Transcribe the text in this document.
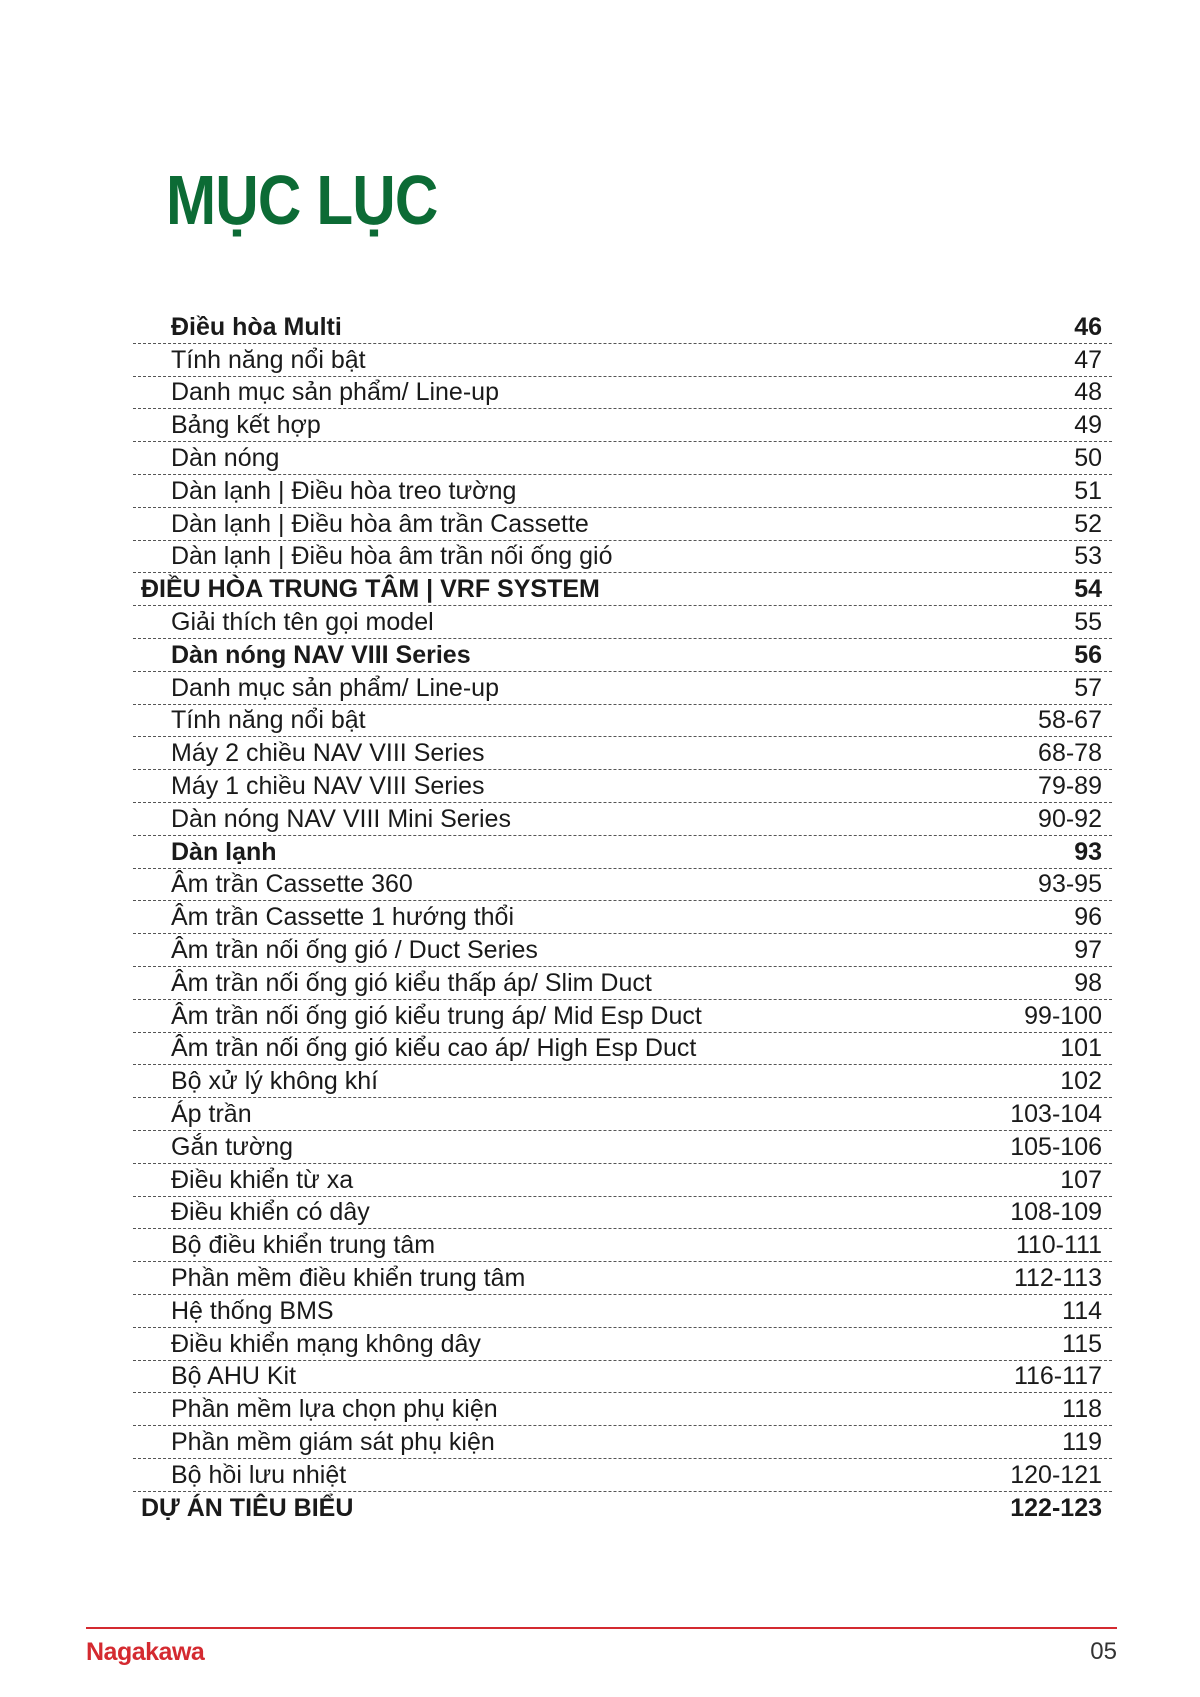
MỤC LỤC
Điều hòa Multi	46
Tính năng nổi bật	47
Danh mục sản phẩm/ Line-up	48
Bảng kết hợp	49
Dàn nóng	50
Dàn lạnh | Điều hòa treo tường	51
Dàn lạnh | Điều hòa âm trần Cassette	52
Dàn lạnh | Điều hòa âm trần nối ống gió	53
ĐIỀU HÒA TRUNG TÂM | VRF SYSTEM	54
Giải thích tên gọi model	55
Dàn nóng NAV VIII Series	56
Danh mục sản phẩm/ Line-up	57
Tính năng nổi bật	58-67
Máy 2 chiều NAV VIII Series	68-78
Máy 1 chiều NAV VIII Series	79-89
Dàn nóng NAV VIII Mini Series	90-92
Dàn lạnh	93
Âm trần Cassette 360	93-95
Âm trần Cassette 1 hướng thổi	96
Âm trần nối ống gió / Duct Series	97
Âm trần nối ống gió kiểu thấp áp/ Slim Duct	98
Âm trần nối ống gió kiểu trung áp/ Mid Esp Duct	99-100
Âm trần nối ống gió kiểu cao áp/ High Esp Duct	101
Bộ xử lý không khí	102
Áp trần	103-104
Gắn tường	105-106
Điều khiển từ xa	107
Điều khiển có dây	108-109
Bộ điều khiển trung tâm	110-111
Phần mềm điều khiển trung tâm	112-113
Hệ thống BMS	114
Điều khiển mạng không dây	115
Bộ AHU Kit	116-117
Phần mềm lựa chọn phụ kiện	118
Phần mềm giám sát phụ kiện	119
Bộ hồi lưu nhiệt	120-121
DỰ ÁN TIÊU BIỂU	122-123
Nagakawa	05
